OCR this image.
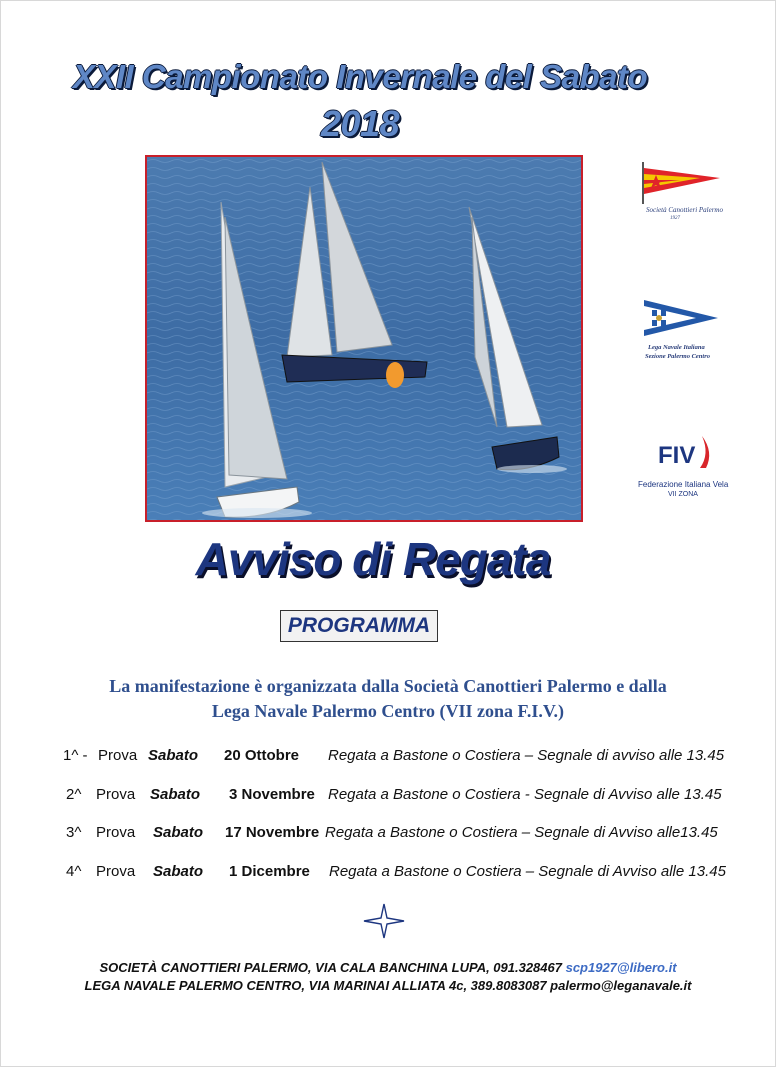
XXII Campionato Invernale del Sabato
2018
Società Canottieri Palermo
1927
Lega Navale Italiana
Sezione Palermo Centro
FIV
Federazione Italiana Vela
VII ZONA
Avviso di Regata
PROGRAMMA
La manifestazione è organizzata dalla Società Canottieri Palermo e dalla
Lega Navale Palermo Centro (VII zona F.I.V.)
1^ - Prova Sabato 20 Ottobre Regata a Bastone o Costiera – Segnale di avviso alle 13.45
2^ Prova Sabato 3 Novembre Regata a Bastone o Costiera - Segnale di Avviso alle 13.45
3^ Prova Sabato 17 Novembre Regata a Bastone o Costiera – Segnale di Avviso alle13.45
4^ Prova Sabato 1 Dicembre Regata a Bastone o Costiera – Segnale di Avviso alle 13.45
SOCIETÀ CANOTTIERI PALERMO, VIA CALA BANCHINA LUPA, 091.328467 scp1927@libero.it
LEGA NAVALE PALERMO CENTRO, VIA MARINAI ALLIATA 4c, 389.8083087 palermo@leganavale.it
